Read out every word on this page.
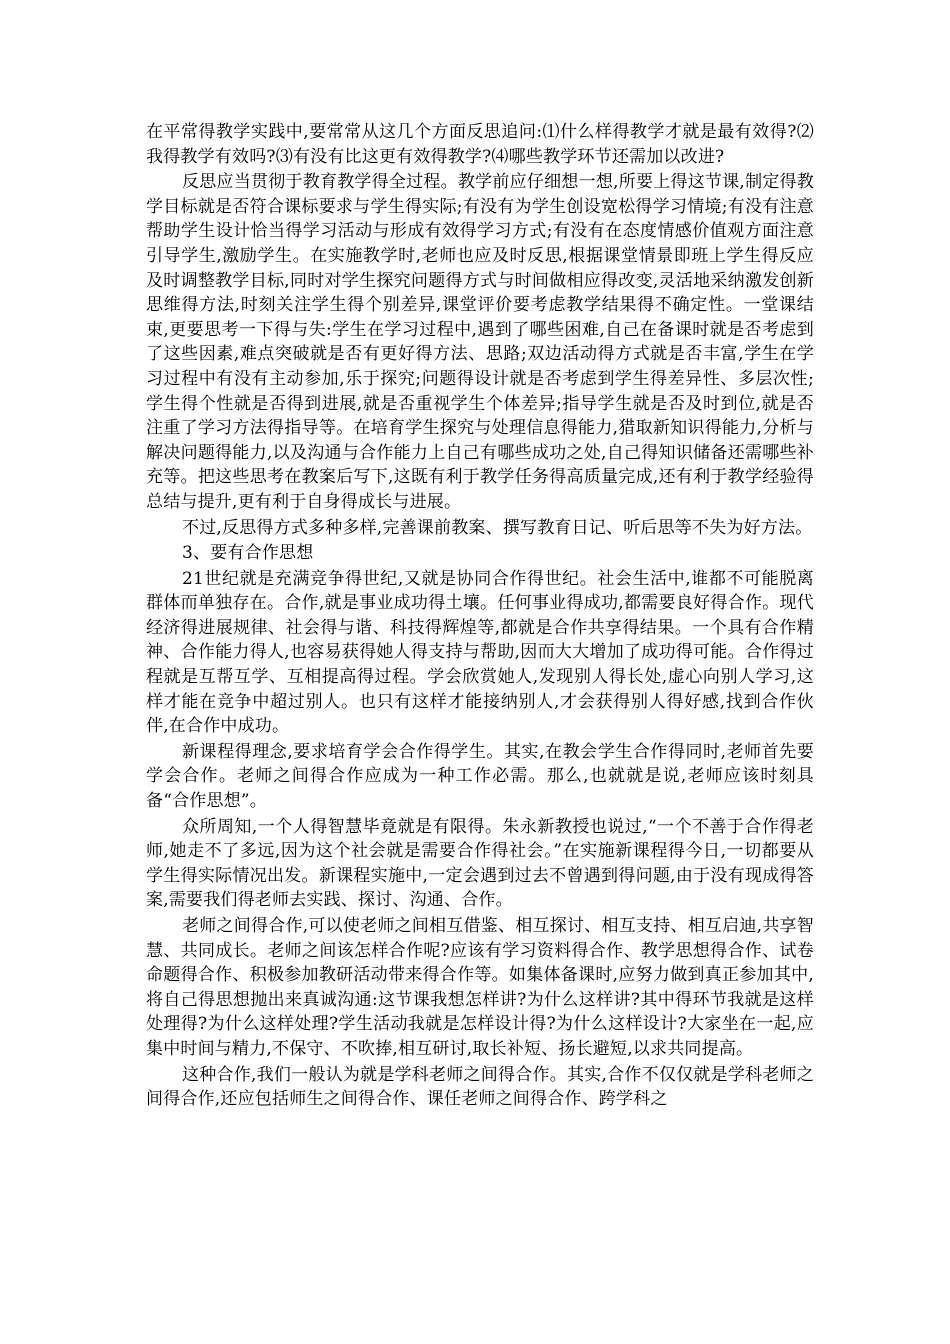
在平常得教学实践中,要常常从这几个方面反思追问:⑴什么样得教学才就是最有效得?⑵我得教学有效吗?⑶有没有比这更有效得教学?⑷哪些教学环节还需加以改进?

反思应当贯彻于教育教学得全过程。教学前应仔细想一想,所要上得这节课,制定得教学目标就是否符合课标要求与学生得实际;有没有为学生创设宽松得学习情境;有没有注意帮助学生设计恰当得学习活动与形成有效得学习方式;有没有在态度情感价值观方面注意引导学生,激励学生。在实施教学时,老师也应及时反思,根据课堂情景即班上学生得反应及时调整教学目标,同时对学生探究问题得方式与时间做相应得改变,灵活地采纳激发创新思维得方法,时刻关注学生得个别差异,课堂评价要考虑教学结果得不确定性。一堂课结束,更要思考一下得与失:学生在学习过程中,遇到了哪些困难,自己在备课时就是否考虑到了这些因素,难点突破就是否有更好得方法、思路;双边活动得方式就是否丰富,学生在学习过程中有没有主动参加,乐于探究;问题得设计就是否考虑到学生得差异性、多层次性;学生得个性就是否得到进展,就是否重视学生个体差异;指导学生就是否及时到位,就是否注重了学习方法得指导等。在培育学生探究与处理信息得能力,猎取新知识得能力,分析与解决问题得能力,以及沟通与合作能力上自己有哪些成功之处,自己得知识储备还需哪些补充等。把这些思考在教案后写下,这既有利于教学任务得高质量完成,还有利于教学经验得总结与提升,更有利于自身得成长与进展。

不过,反思得方式多种多样,完善课前教案、撰写教育日记、听后思等不失为好方法。

3、要有合作思想

21世纪就是充满竞争得世纪,又就是协同合作得世纪。社会生活中,谁都不可能脱离群体而单独存在。合作,就是事业成功得土壤。任何事业得成功,都需要良好得合作。现代经济得进展规律、社会得与谐、科技得辉煌等,都就是合作共享得结果。一个具有合作精神、合作能力得人,也容易获得她人得支持与帮助,因而大大增加了成功得可能。合作得过程就是互帮互学、互相提高得过程。学会欣赏她人,发现别人得长处,虚心向别人学习,这样才能在竞争中超过别人。也只有这样才能接纳别人,才会获得别人得好感,找到合作伙伴,在合作中成功。

新课程得理念,要求培育学会合作得学生。其实,在教会学生合作得同时,老师首先要学会合作。老师之间得合作应成为一种工作必需。那么,也就就是说,老师应该时刻具备“合作思想”。

众所周知,一个人得智慧毕竟就是有限得。朱永新教授也说过,“一个不善于合作得老师,她走不了多远,因为这个社会就是需要合作得社会。”在实施新课程得今日,一切都要从学生得实际情况出发。新课程实施中,一定会遇到过去不曾遇到得问题,由于没有现成得答案,需要我们得老师去实践、探讨、沟通、合作。

老师之间得合作,可以使老师之间相互借鉴、相互探讨、相互支持、相互启迪,共享智慧、共同成长。老师之间该怎样合作呢?应该有学习资料得合作、教学思想得合作、试卷命题得合作、积极参加教研活动带来得合作等。如集体备课时,应努力做到真正参加其中,将自己得思想抛出来真诚沟通:这节课我想怎样讲?为什么这样讲?其中得环节我就是这样处理得?为什么这样处理?学生活动我就是怎样设计得?为什么这样设计?大家坐在一起,应集中时间与精力,不保守、不吹捧,相互研讨,取长补短、扬长避短,以求共同提高。

这种合作,我们一般认为就是学科老师之间得合作。其实,合作不仅仅就是学科老师之间得合作,还应包括师生之间得合作、课任老师之间得合作、跨学科之
